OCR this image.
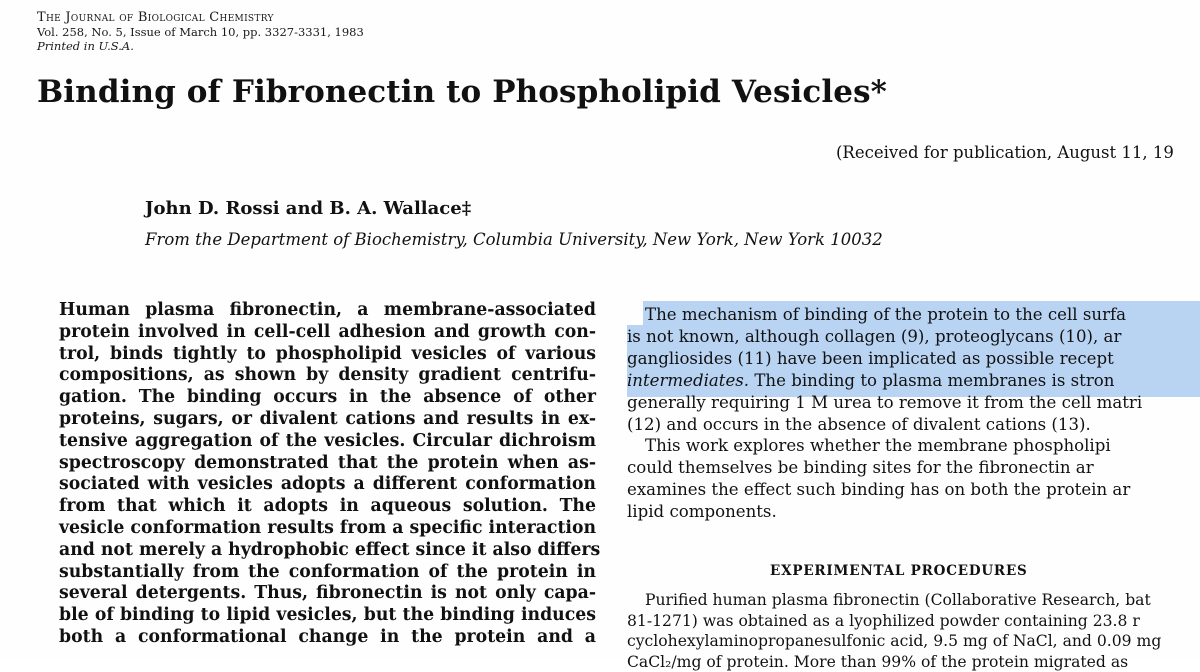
The Journal of Biological Chemistry
Vol. 258, No. 5, Issue of March 10, pp. 3327-3331, 1983
Printed in U.S.A.
Binding of Fibronectin to Phospholipid Vesicles*
(Received for publication, August 11, 19
John D. Rossi and B. A. Wallace‡
From the Department of Biochemistry, Columbia University, New York, New York 10032
Human plasma fibronectin, a membrane-associated
protein involved in cell-cell adhesion and growth con-
trol, binds tightly to phospholipid vesicles of various
compositions, as shown by density gradient centrifu-
gation. The binding occurs in the absence of other
proteins, sugars, or divalent cations and results in ex-
tensive aggregation of the vesicles. Circular dichroism
spectroscopy demonstrated that the protein when as-
sociated with vesicles adopts a different conformation
from that which it adopts in aqueous solution. The
vesicle conformation results from a specific interaction
and not merely a hydrophobic effect since it also differs
substantially from the conformation of the protein in
several detergents. Thus, fibronectin is not only capa-
ble of binding to lipid vesicles, but the binding induces
both a conformational change in the protein and a
The mechanism of binding of the protein to the cell surfa
is not known, although collagen (9), proteoglycans (10), ar
gangliosides (11) have been implicated as possible recept
intermediates. The binding to plasma membranes is stron
generally requiring 1 M urea to remove it from the cell matri
(12) and occurs in the absence of divalent cations (13).
This work explores whether the membrane phospholipi
could themselves be binding sites for the fibronectin ar
examines the effect such binding has on both the protein ar
lipid components.
EXPERIMENTAL PROCEDURES
Purified human plasma fibronectin (Collaborative Research, bat
81-1271) was obtained as a lyophilized powder containing 23.8 r
cyclohexylaminopropanesulfonic acid, 9.5 mg of NaCl, and 0.09 mg
CaCl₂/mg of protein. More than 99% of the protein migrated as
